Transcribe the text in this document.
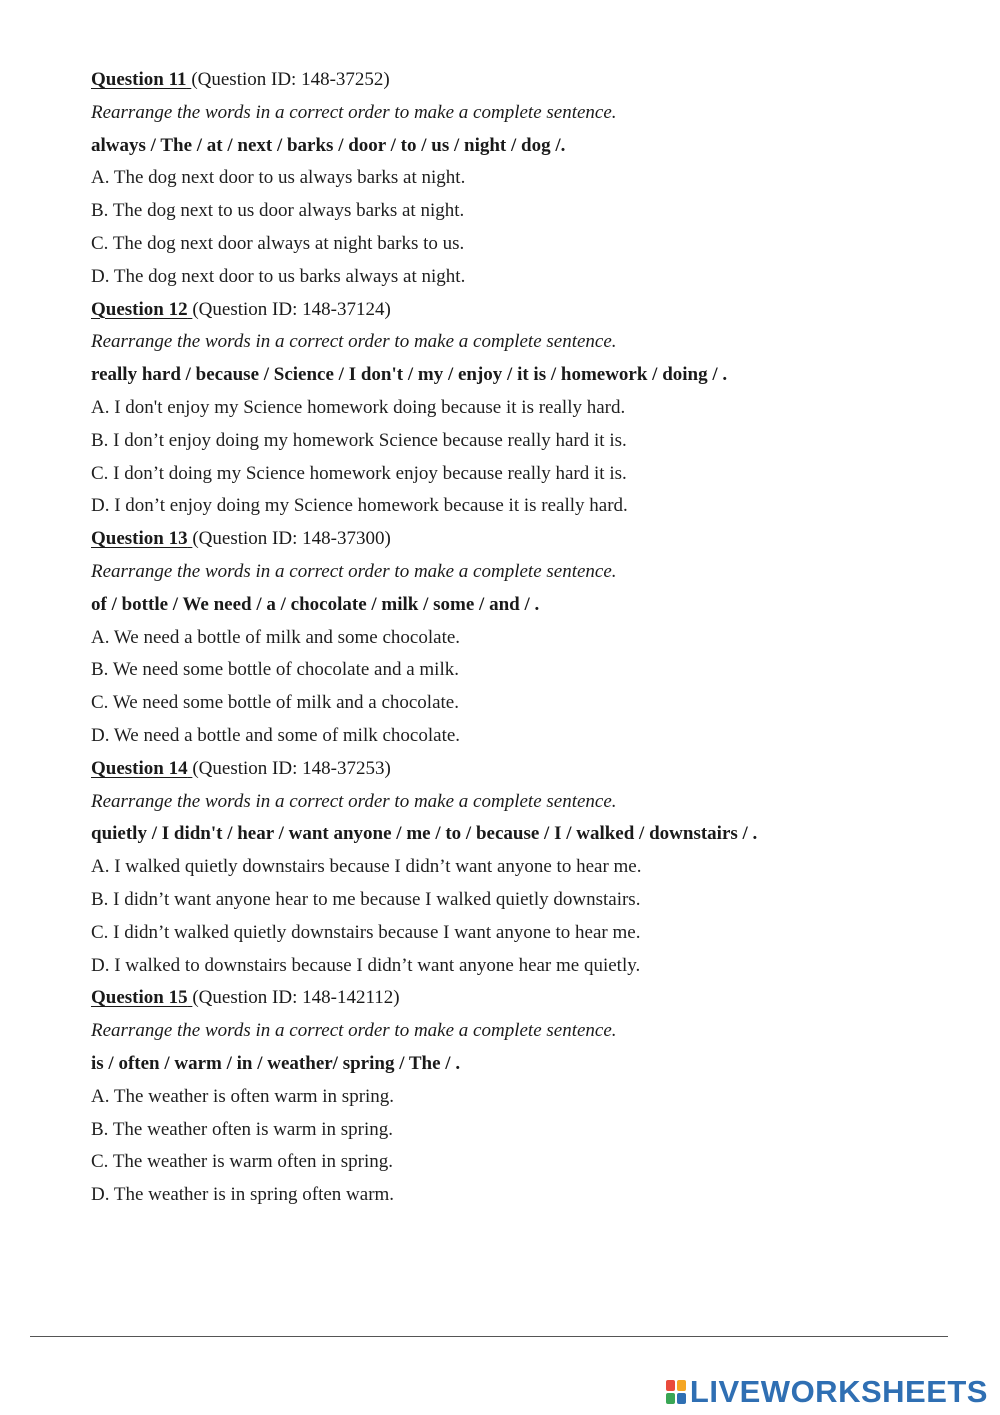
Question 11 (Question ID: 148-37252)
Rearrange the words in a correct order to make a complete sentence.
always / The / at / next / barks / door / to / us / night / dog /.
A. The dog next door to us always barks at night.
B. The dog next to us door always barks at night.
C. The dog next door always at night barks to us.
D. The dog next door to us barks always at night.
Question 12 (Question ID: 148-37124)
Rearrange the words in a correct order to make a complete sentence.
really hard / because / Science / I don't / my / enjoy / it is / homework / doing / .
A. I don't enjoy my Science homework doing because it is really hard.
B. I don’t enjoy doing my homework Science because really hard it is.
C. I don’t doing my Science homework enjoy because really hard it is.
D. I don’t enjoy doing my Science homework because it is really hard.
Question 13 (Question ID: 148-37300)
Rearrange the words in a correct order to make a complete sentence.
of / bottle / We need / a / chocolate / milk / some / and / .
A. We need a bottle of milk and some chocolate.
B. We need some bottle of chocolate and a milk.
C. We need some bottle of milk and a chocolate.
D. We need a bottle and some of milk chocolate.
Question 14 (Question ID: 148-37253)
Rearrange the words in a correct order to make a complete sentence.
quietly / I didn't / hear / want anyone / me / to / because / I / walked / downstairs / .
A. I walked quietly downstairs because I didn’t want anyone to hear me.
B. I didn’t want anyone hear to me because I walked quietly downstairs.
C. I didn’t walked quietly downstairs because I want anyone to hear me.
D. I walked to downstairs because I didn’t want anyone hear me quietly.
Question 15 (Question ID: 148-142112)
Rearrange the words in a correct order to make a complete sentence.
is / often / warm / in / weather/ spring / The / .
A. The weather is often warm in spring.
B. The weather often is warm in spring.
C. The weather is warm often in spring.
D. The weather is in spring often warm.
LIVEWORKSHEETS
